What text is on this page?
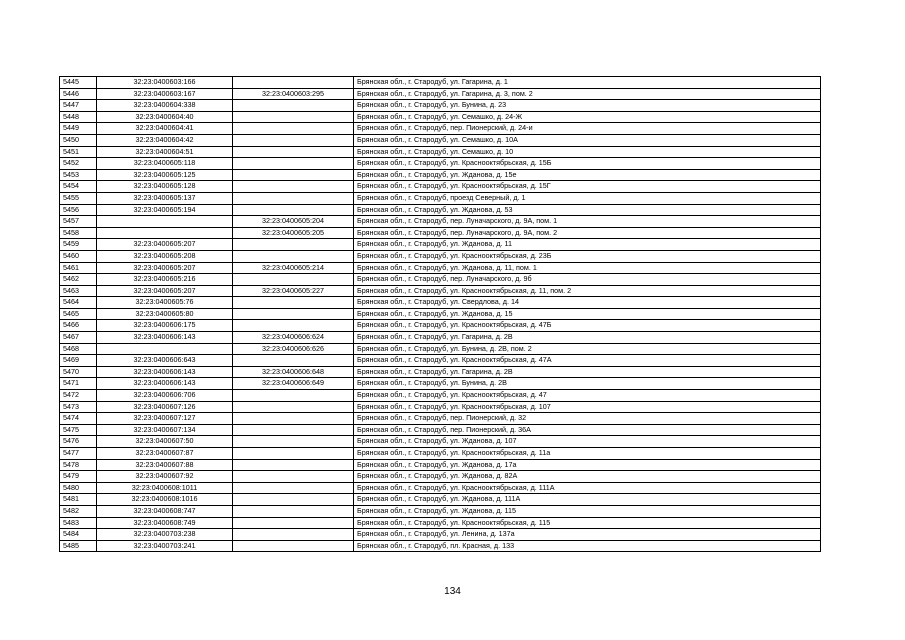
5445	32:23:0400603:166		Брянская обл., г. Стародуб, ул. Гагарина, д. 1
5446	32:23:0400603:167	32:23:0400603:295	Брянская обл., г. Стародуб, ул. Гагарина, д. 3, пом. 2
5447	32:23:0400604:338		Брянская обл., г. Стародуб, ул. Бунина, д. 23
5448	32:23:0400604:40		Брянская обл., г. Стародуб, ул. Семашко, д. 24-Ж
5449	32:23:0400604:41		Брянская обл., г. Стародуб, пер. Пионерский, д. 24-и
5450	32:23:0400604:42		Брянская обл., г. Стародуб, ул. Семашко, д. 10А
5451	32:23:0400604:51		Брянская обл., г. Стародуб, ул. Семашко, д. 10
5452	32:23:0400605:118		Брянская обл., г. Стародуб, ул. Краснооктябрьская, д. 15Б
5453	32:23:0400605:125		Брянская обл., г. Стародуб, ул. Жданова, д. 15е
5454	32:23:0400605:128		Брянская обл., г. Стародуб, ул. Краснооктябрьская, д. 15Г
5455	32:23:0400605:137		Брянская обл., г. Стародуб, проезд Северный, д. 1
5456	32:23:0400605:194		Брянская обл., г. Стародуб, ул. Жданова, д. 53
5457		32:23:0400605:204	Брянская обл., г. Стародуб, пер. Луначарского, д. 9А, пом. 1
5458		32:23:0400605:205	Брянская обл., г. Стародуб, пер. Луначарского, д. 9А, пом. 2
5459	32:23:0400605:207		Брянская обл., г. Стародуб, ул. Жданова, д. 11
5460	32:23:0400605:208		Брянская обл., г. Стародуб, ул. Краснооктябрьская, д. 23Б
5461	32:23:0400605:207	32:23:0400605:214	Брянская обл., г. Стародуб, ул. Жданова, д. 11, пом. 1
5462	32:23:0400605:216		Брянская обл., г. Стародуб, пер. Луначарского, д. 9б
5463	32:23:0400605:207	32:23:0400605:227	Брянская обл., г. Стародуб, ул. Краснооктябрьская, д. 11, пом. 2
5464	32:23:0400605:76		Брянская обл., г. Стародуб, ул. Свердлова, д. 14
5465	32:23:0400605:80		Брянская обл., г. Стародуб, ул. Жданова, д. 15
5466	32:23:0400606:175		Брянская обл., г. Стародуб, ул. Краснооктябрьская, д. 47Б
5467	32:23:0400606:143	32:23:0400606:624	Брянская обл., г. Стародуб, ул. Гагарина, д. 2В
5468		32:23:0400606:626	Брянская обл., г. Стародуб, ул. Бунина, д. 2В, пом. 2
5469	32:23:0400606:643		Брянская обл., г. Стародуб, ул. Краснооктябрьская, д. 47А
5470	32:23:0400606:143	32:23:0400606:648	Брянская обл., г. Стародуб, ул. Гагарина, д. 2В
5471	32:23:0400606:143	32:23:0400606:649	Брянская обл., г. Стародуб, ул. Бунина, д. 2В
5472	32:23:0400606:706		Брянская обл., г. Стародуб, ул. Краснооктябрьская, д. 47
5473	32:23:0400607:126		Брянская обл., г. Стародуб, ул. Краснооктябрьская, д. 107
5474	32:23:0400607:127		Брянская обл., г. Стародуб, пер. Пионерский, д. 32
5475	32:23:0400607:134		Брянская обл., г. Стародуб, пер. Пионерский, д. 36А
5476	32:23:0400607:50		Брянская обл., г. Стародуб, ул. Жданова, д. 107
5477	32:23:0400607:87		Брянская обл., г. Стародуб, ул. Краснооктябрьская, д. 11а
5478	32:23:0400607:88		Брянская обл., г. Стародуб, ул. Жданова, д. 17а
5479	32:23:0400607:92		Брянская обл., г. Стародуб, ул. Жданова, д. 82А
5480	32:23:0400608:1011		Брянская обл., г. Стародуб, ул. Краснооктябрьская, д. 111А
5481	32:23:0400608:1016		Брянская обл., г. Стародуб, ул. Жданова, д. 111А
5482	32:23:0400608:747		Брянская обл., г. Стародуб, ул. Жданова, д. 115
5483	32:23:0400608:749		Брянская обл., г. Стародуб, ул. Краснооктябрьская, д. 115
5484	32:23:0400703:238		Брянская обл., г. Стародуб, ул. Ленина, д. 137а
5485	32:23:0400703:241		Брянская обл., г. Стародуб, пл. Красная, д. 133
134
